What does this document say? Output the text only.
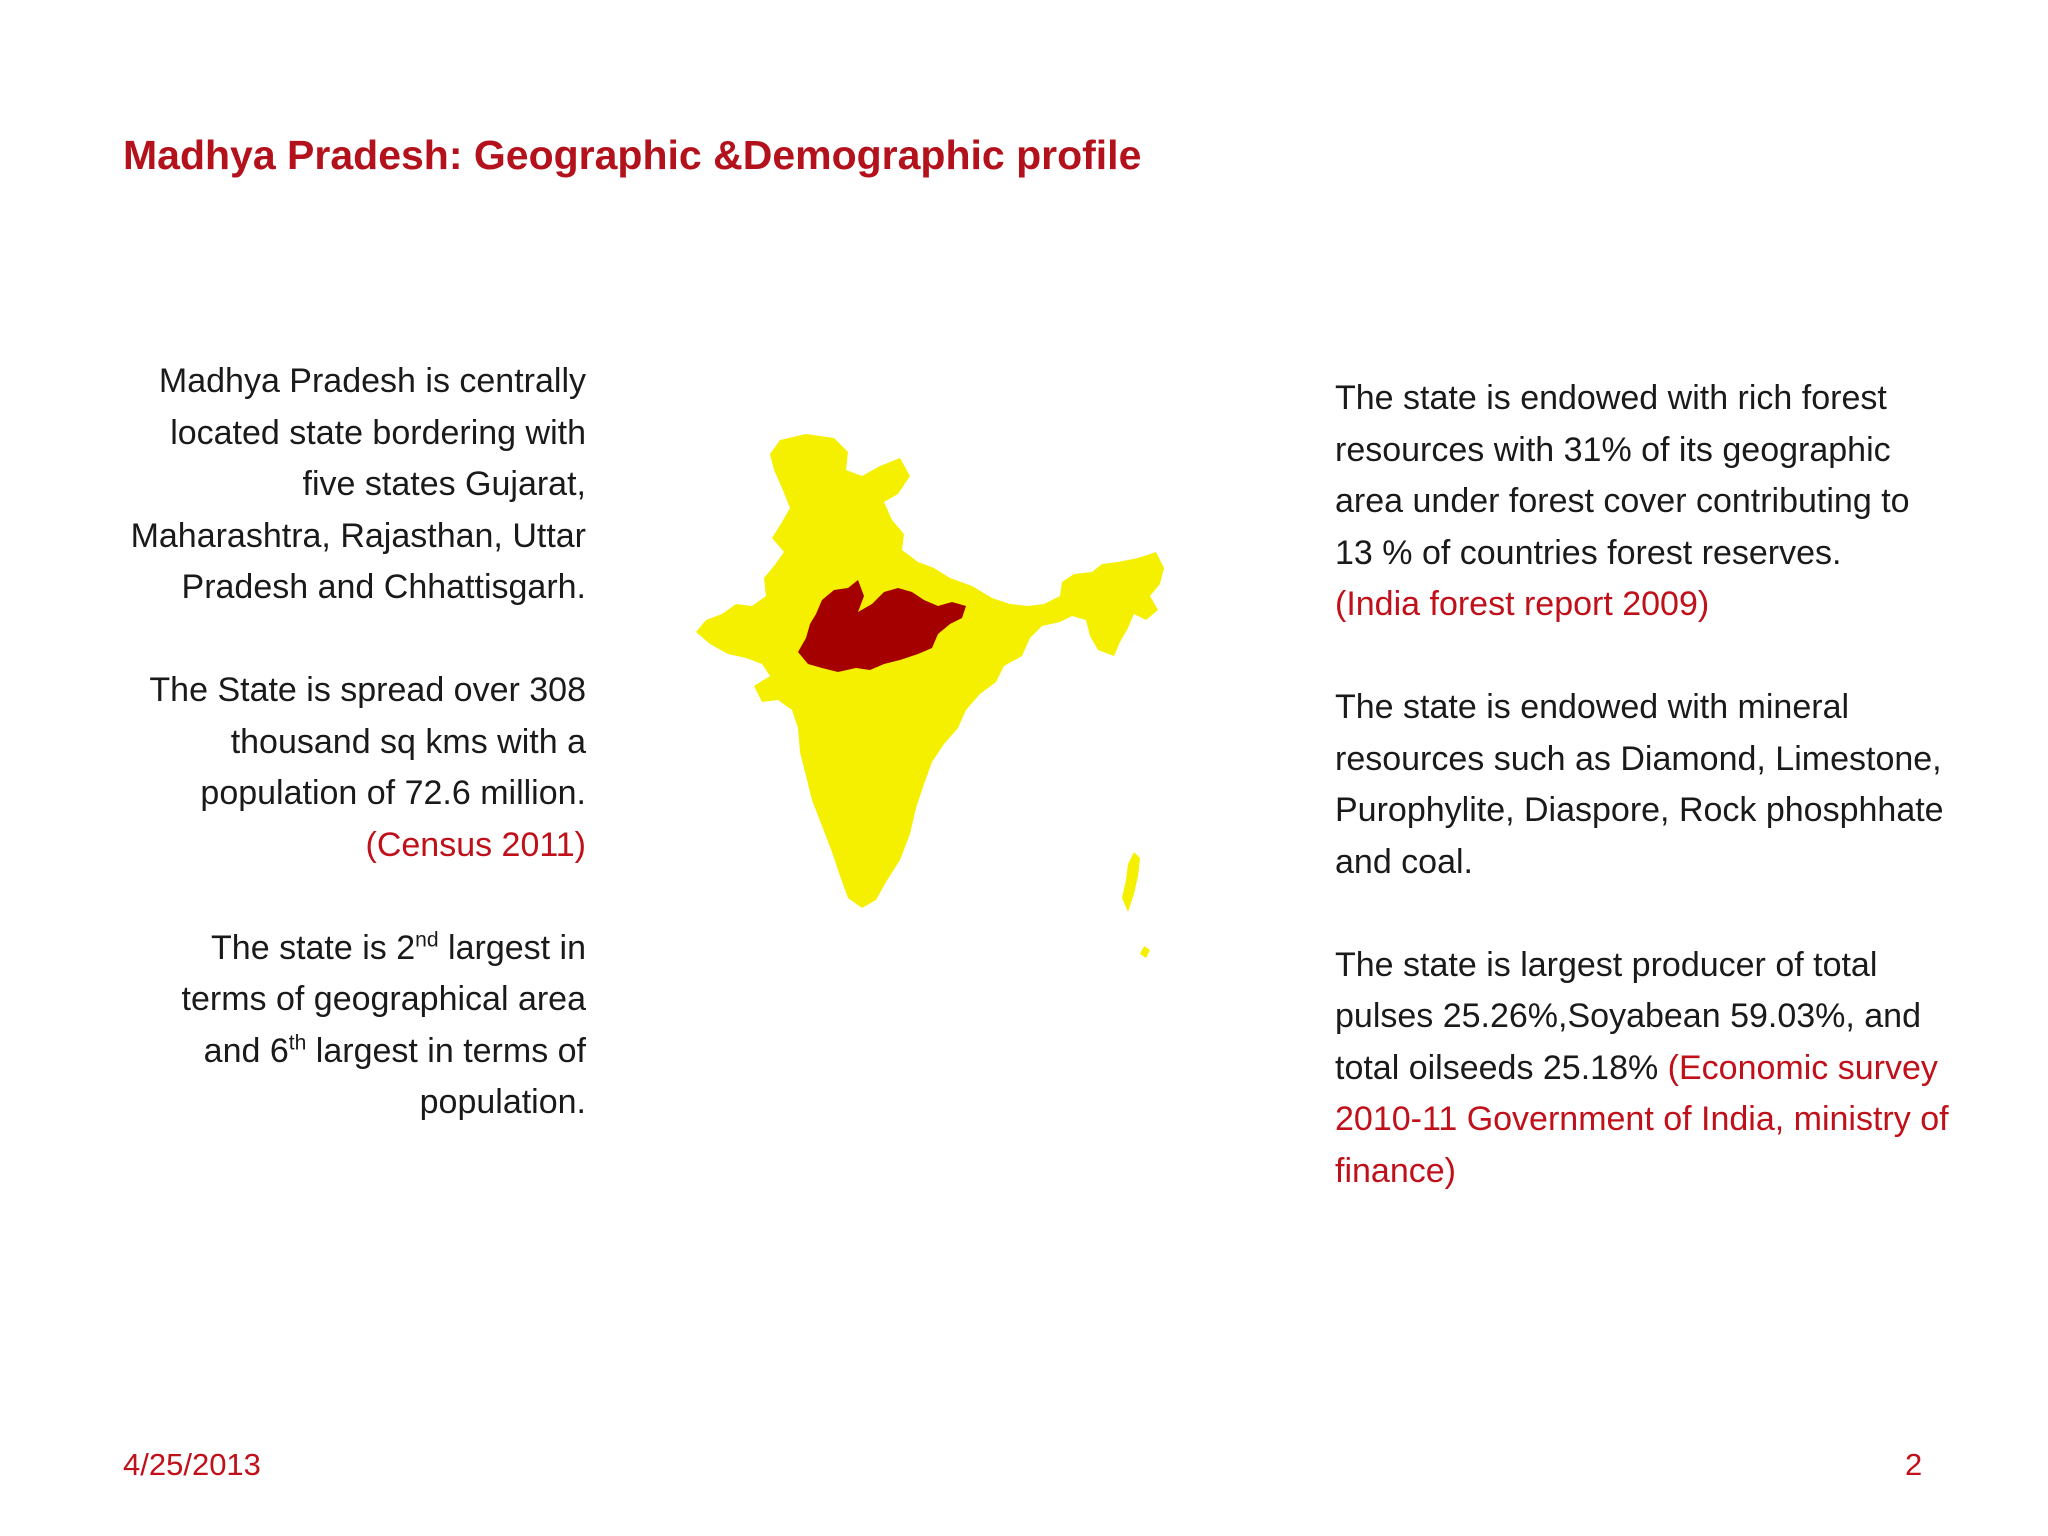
Madhya Pradesh: Geographic &Demographic profile

Madhya Pradesh is centrally located state bordering with five states Gujarat, Maharashtra, Rajasthan, Uttar Pradesh and Chhattisgarh.

The State is spread over 308 thousand sq kms with a population of 72.6 million.(Census 2011)

The state is 2nd largest in terms of geographical area and 6th largest in terms of population.

The state is endowed with rich forest resources with 31% of its geographic area under forest cover contributing to 13 % of countries forest reserves.
(India forest report 2009)

The state is endowed with mineral resources such as Diamond, Limestone, Purophylite, Diaspore, Rock phosphhate and coal.

The state is largest producer of total pulses 25.26%,Soyabean 59.03%, and total oilseeds 25.18% (Economic survey 2010-11 Government of India, ministry of finance)

4/25/2013	2
